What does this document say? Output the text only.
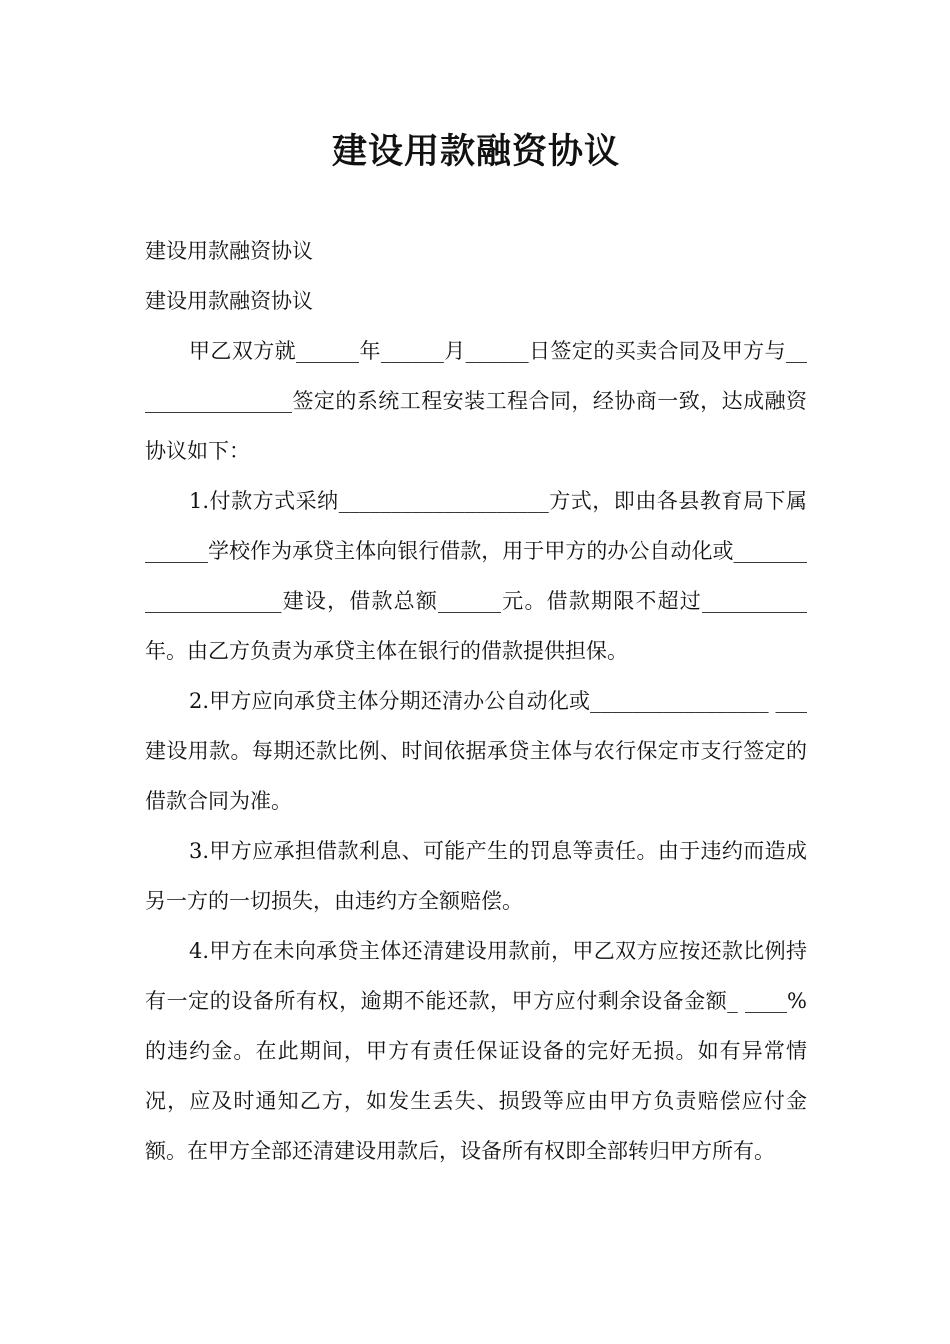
建设用款融资协议

建设用款融资协议

建设用款融资协议

甲乙双方就______年______月______日签定的买卖合同及甲方与________________签定的系统工程安装工程合同，经协商一致，达成融资协议如下：

1.付款方式采纳____________________方式，即由各县教育局下属______学校作为承贷主体向银行借款，用于甲方的办公自动化或____________________建设，借款总额______元。借款期限不超过__________年。由乙方负责为承贷主体在银行的借款提供担保。

2.甲方应向承贷主体分期还清办公自动化或_________________ ___建设用款。每期还款比例、时间依据承贷主体与农行保定市支行签定的借款合同为准。

3.甲方应承担借款利息、可能产生的罚息等责任。由于违约而造成另一方的一切损失，由违约方全额赔偿。

4.甲方在未向承贷主体还清建设用款前，甲乙双方应按还款比例持有一定的设备所有权，逾期不能还款，甲方应付剩余设备金额_ ____%的违约金。在此期间，甲方有责任保证设备的完好无损。如有异常情况，应及时通知乙方，如发生丢失、损毁等应由甲方负责赔偿应付金额。在甲方全部还清建设用款后，设备所有权即全部转归甲方所有。
